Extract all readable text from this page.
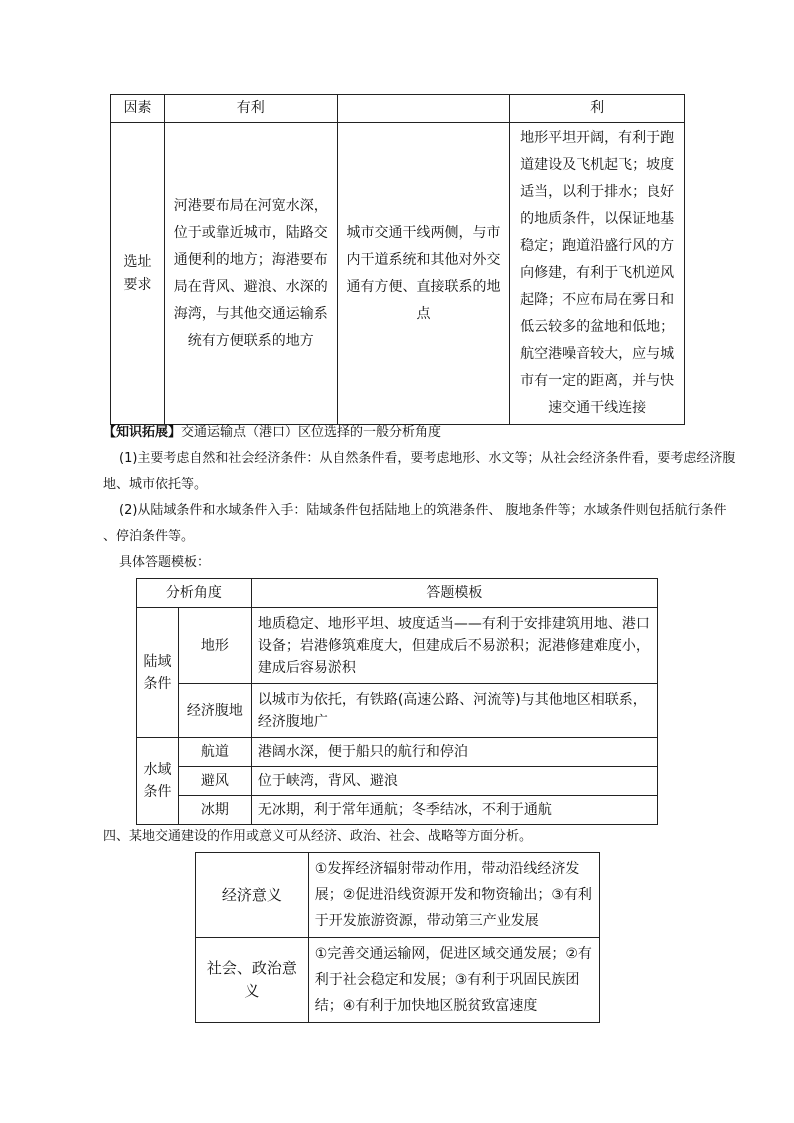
因素	有利		利
选址要求	河港要布局在河宽水深，位于或靠近城市，陆路交通便利的地方；海港要布局在背风、避浪、水深的海湾，与其他交通运输系统有方便联系的地方	城市交通干线两侧，与市内干道系统和其他对外交通有方便、直接联系的地点	地形平坦开阔，有利于跑道建设及飞机起飞；坡度适当，以利于排水；良好的地质条件，以保证地基稳定；跑道沿盛行风的方向修建，有利于飞机逆风起降；不应布局在雾日和低云较多的盆地和低地；航空港噪音较大，应与城市有一定的距离，并与快速交通干线连接
【知识拓展】交通运输点（港口）区位选择的一般分析角度
(1)主要考虑自然和社会经济条件：从自然条件看，要考虑地形、水文等；从社会经济条件看，要考虑经济腹地、城市依托等。
(2)从陆域条件和水域条件入手：陆域条件包括陆地上的筑港条件、 腹地条件等；水域条件则包括航行条件 、停泊条件等。
具体答题模板：
分析角度		答题模板
陆域条件	地形	地质稳定、地形平坦、坡度适当——有利于安排建筑用地、港口设备；岩港修筑难度大，但建成后不易淤积；泥港修建难度小，建成后容易淤积
	经济腹地	以城市为依托，有铁路(高速公路、河流等)与其他地区相联系，经济腹地广
水域条件	航道	港阔水深，便于船只的航行和停泊
	避风	位于峡湾，背风、避浪
	冰期	无冰期，利于常年通航；冬季结冰，不利于通航
四、某地交通建设的作用或意义可从经济、政治、社会、战略等方面分析。
经济意义	①发挥经济辐射带动作用，带动沿线经济发展；②促进沿线资源开发和物资输出；③有利于开发旅游资源，带动第三产业发展
社会、政治意义	①完善交通运输网，促进区域交通发展；②有利于社会稳定和发展；③有利于巩固民族团结；④有利于加快地区脱贫致富速度
